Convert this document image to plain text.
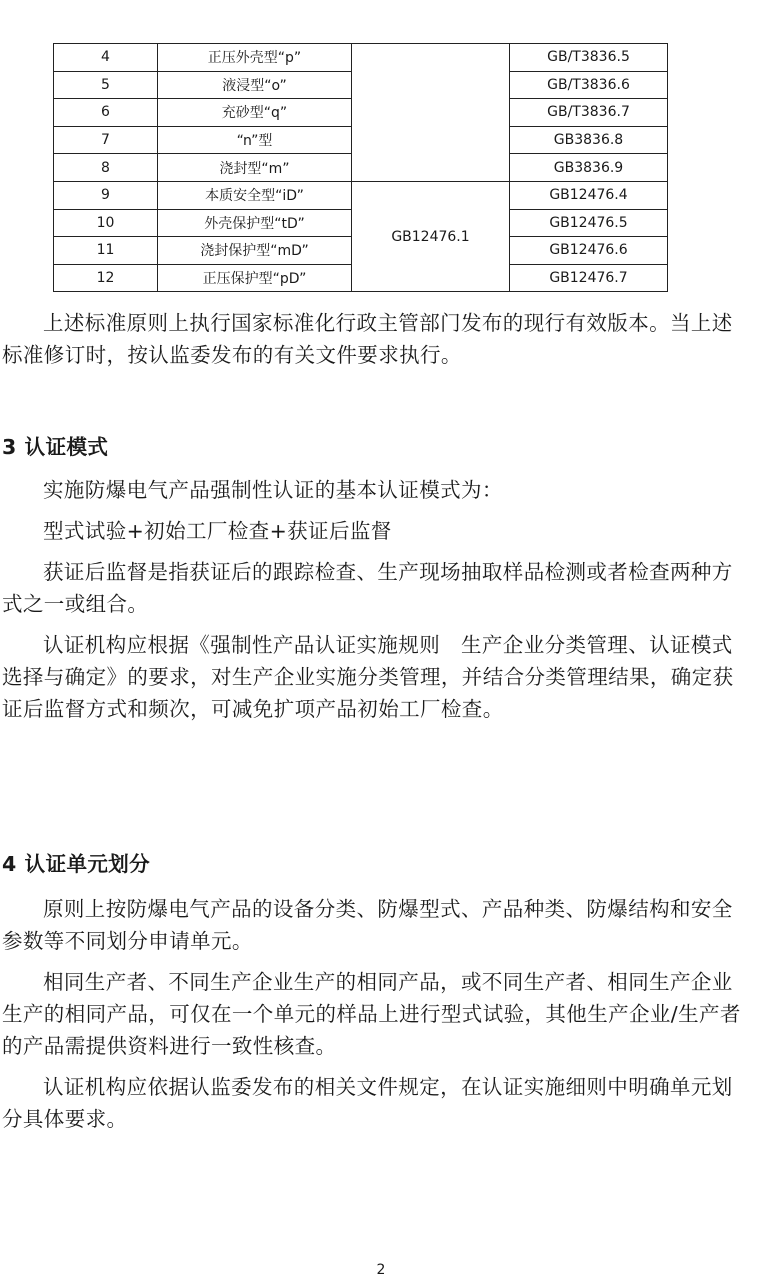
4	正压外壳型“p”		GB/T3836.5
5	液浸型“o”		GB/T3836.6
6	充砂型“q”		GB/T3836.7
7	“n”型		GB3836.8
8	浇封型“m”		GB3836.9
9	本质安全型“iD”	GB12476.1	GB12476.4
10	外壳保护型“tD”		GB12476.5
11	浇封保护型“mD”		GB12476.6
12	正压保护型“pD”		GB12476.7

上述标准原则上执行国家标准化行政主管部门发布的现行有效版本。当上述标准修订时，按认监委发布的有关文件要求执行。

3 认证模式

实施防爆电气产品强制性认证的基本认证模式为：

型式试验+初始工厂检查+获证后监督

获证后监督是指获证后的跟踪检查、生产现场抽取样品检测或者检查两种方式之一或组合。

认证机构应根据《强制性产品认证实施规则　生产企业分类管理、认证模式选择与确定》的要求，对生产企业实施分类管理，并结合分类管理结果，确定获证后监督方式和频次，可减免扩项产品初始工厂检查。

4 认证单元划分

原则上按防爆电气产品的设备分类、防爆型式、产品种类、防爆结构和安全参数等不同划分申请单元。

相同生产者、不同生产企业生产的相同产品，或不同生产者、相同生产企业生产的相同产品，可仅在一个单元的样品上进行型式试验，其他生产企业/生产者的产品需提供资料进行一致性核查。

认证机构应依据认监委发布的相关文件规定，在认证实施细则中明确单元划分具体要求。

2
